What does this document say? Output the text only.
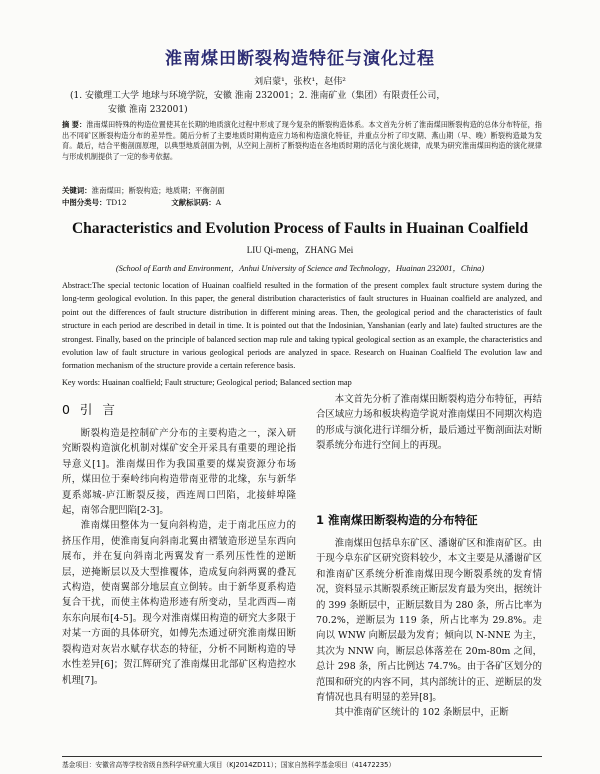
淮南煤田断裂构造特征与演化过程
刘启蒙¹，张枚¹，赵伟²
(1. 安徽理工大学 地球与环境学院，安徽 淮南 232001；2. 淮南矿业（集团）有限责任公司，
安徽 淮南 232001)
摘 要：淮南煤田特殊的构造位置使其在长期的地质演化过程中形成了现今复杂的断裂构造体系。本文首先分析了淮南煤田断裂构造的总体分布特征，指出不同矿区断裂构造分布的差异性。随后分析了主要地质时期构造应力场和构造演化特征，并重点分析了印支期、燕山期（早、晚）断裂构造最为发育。最后，结合平衡剖面原理，以典型地质剖面为例，从空间上剖析了断裂构造在各地质时期的活化与演化规律，成果为研究淮南煤田构造的演化规律与形成机制提供了一定的参考依据。
关键词：淮南煤田；断裂构造；地质期；平衡剖面
中图分类号：TD12	文献标识码：A
Characteristics and Evolution Process of Faults in Huainan Coalfield
LIU Qi-meng，ZHANG Mei
(School of Earth and Environment，Anhui University of Science and Technology，Huainan 232001，China)
Abstract:The special tectonic location of Huainan coalfield resulted in the formation of the present complex fault structure system during the long-term geological evolution. In this paper, the general distribution characteristics of fault structures in Huainan coalfield are analyzed, and point out the differences of fault structure distribution in different mining areas. Then, the geological period and the characteristics of fault structure in each period are described in detail in time. It is pointed out that the Indosinian, Yanshanian (early and late) faulted structures are the strongest. Finally, based on the principle of balanced section map rule and taking typical geological section as an example, the characteristics and evolution law of fault structure in various geological periods are analyzed in space. Research on Huainan Coalfield The evolution law and formation mechanism of the structure provide a certain reference basis.
Key words: Huainan coalfield; Fault structure; Geological period; Balanced section map
0 引 言

断裂构造是控制矿产分布的主要构造之一，深入研究断裂构造演化机制对煤矿安全开采具有重要的理论指导意义[1]。淮南煤田作为我国重要的煤炭资源分布场所，煤田位于秦岭纬向构造带南亚带的北缘，东与新华夏系郯城-庐江断裂反接，西连周口凹陷，北接蚌埠隆起，南邻合肥凹陷[2-3]。

淮南煤田整体为一复向斜构造，走于南北压应力的挤压作用，使淮南复向斜南北翼由褶皱造形逆呈东西向展布，并在复向斜南北两翼发育一系列压性性的逆断层，逆掩断层以及大型推覆体，造成复向斜两翼的叠瓦式构造，使南翼部分地层直立倒转。由于新华夏系构造复合干扰，而使主体构造形迹有所变动，呈北西西—南东东向展布[4-5]。现今对淮南煤田构造的研究大多限于对某一方面的具体研究，如傅先杰通过研究淮南煤田断裂构造对灰岩水赋存状态的特征，分析不同断构造的导水性差异[6]；贺江辉研究了淮南煤田北部矿区构造控水机理[7]。

本文首先分析了淮南煤田断裂构造分布特征，再结合区域应力场和板块构造学说对淮南煤田不同期次构造的形成与演化进行详细分析，最后通过平衡剖面法对断裂系统分布进行空间上的再现。

1 淮南煤田断裂构造的分布特征

淮南煤田包括阜东矿区、潘谢矿区和淮南矿区。由于现今阜东矿区研究资料较少，本文主要是从潘谢矿区和淮南矿区系统分析淮南煤田现今断裂系统的发育情况，资料显示其断裂系统正断层发育最为突出，据统计的 399 条断层中，正断层数目为 280 条，所占比率为 70.2%，逆断层为 119 条，所占比率为 29.8%。走向以 WNW 向断层最为发育；倾向以 N-NNE 为主，其次为 NNW 向，断层总体落差在 20m-80m 之间，总计 298 条，所占比例达 74.7%。由于各矿区划分的范围和研究的内容不同，其内部统计的正、逆断层的发育情况也具有明显的差异[8]。

其中淮南矿区统计的 102 条断层中，正断

基金项目：安徽省高等学校省级自然科学研究重大项目（KJ2014ZD11）；国家自然科学基金项目（41472235）
